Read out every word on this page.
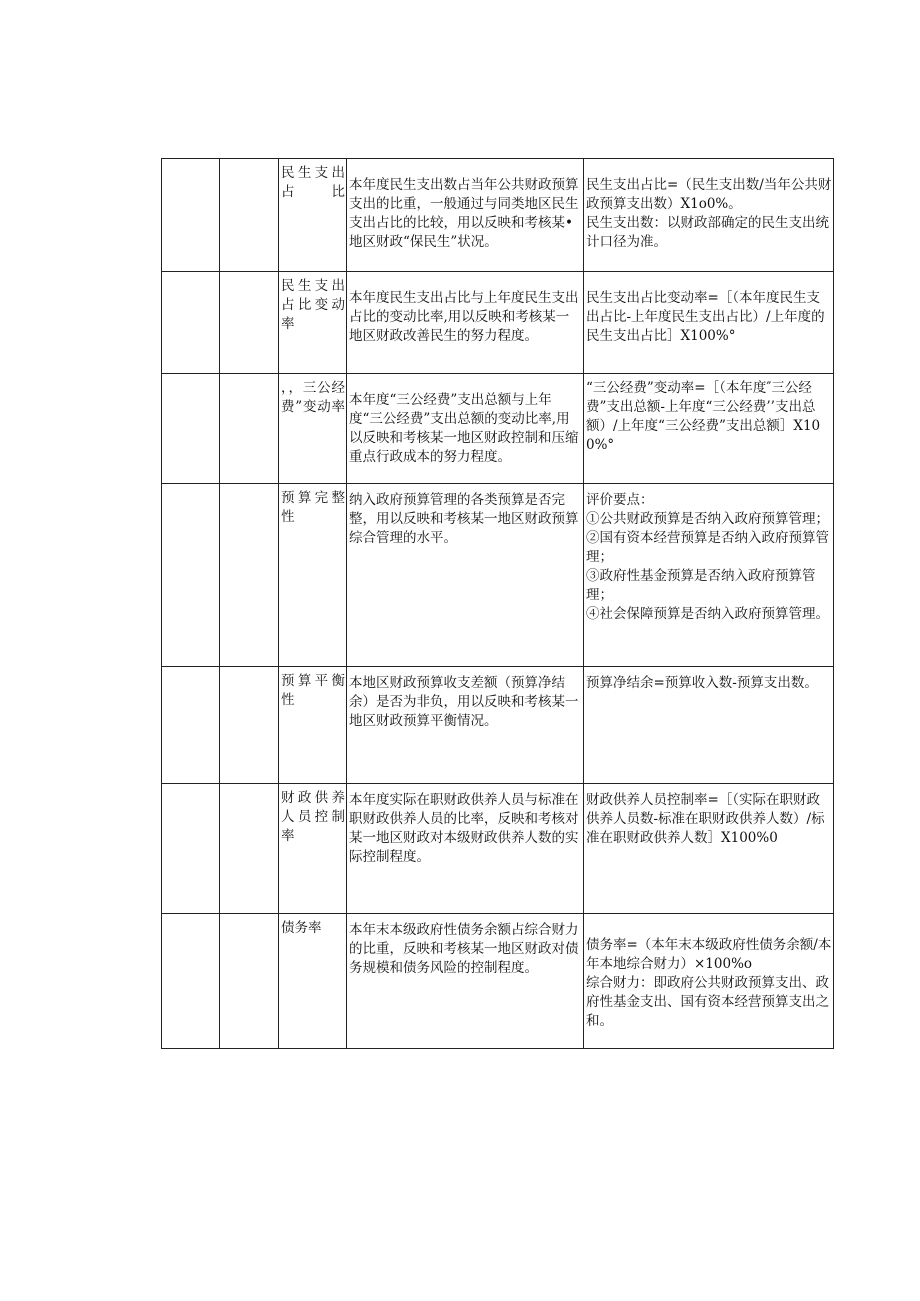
		民生支出占比	本年度民生支出数占当年公共财政预算支出的比重，一般通过与同类地区民生支出占比的比较，用以反映和考核某•地区财政“保民生”状况。	民生支出占比=（民生支出数/当年公共财政预算支出数）X1o0%。
民生支出数：以财政部确定的民生支出统计口径为准。

		民生支出占比变动率	本年度民生支出占比与上年度民生支出占比的变动比率,用以反映和考核某一地区财政改善民生的努力程度。	民生支出占比变动率=［（本年度民生支出占比-上年度民生支出占比）/上年度的民生支出占比］X100%°

		，，三公经费”变动率	本年度“三公经费”支出总额与上年度“三公经费”支出总额的变动比率,用以反映和考核某一地区财政控制和压缩重点行政成本的努力程度。	“三公经费”变动率=［（本年度″三公经费”支出总额-上年度“三公经费’’支出总额）/上年度“三公经费”支出总额］X100%°

		预算完整性	纳入政府预算管理的各类预算是否完整，用以反映和考核某一地区财政预算综合管理的水平。	评价要点：
①公共财政预算是否纳入政府预算管理；
②国有资本经营预算是否纳入政府预算管理；
③政府性基金预算是否纳入政府预算管理；
④社会保障预算是否纳入政府预算管理。

		预算平衡性	本地区财政预算收支差额（预算净结余）是否为非负，用以反映和考核某一地区财政预算平衡情况。	预算净结余=预算收入数-预算支出数。

		财政供养人员控制率	本年度实际在职财政供养人员与标准在职财政供养人员的比率，反映和考核对某一地区财政对本级财政供养人数的实际控制程度。	财政供养人员控制率=［（实际在职财政供养人员数-标准在职财政供养人数）/标准在职财政供养人数］X100%0

		债务率	本年末本级政府性债务余额占综合财力的比重，反映和考核某一地区财政对债务规模和债务风险的控制程度。	债务率=（本年末本级政府性债务余额/本年本地综合财力）×100%o
综合财力：即政府公共财政预算支出、政府性基金支出、国有资本经营预算支出之和。
